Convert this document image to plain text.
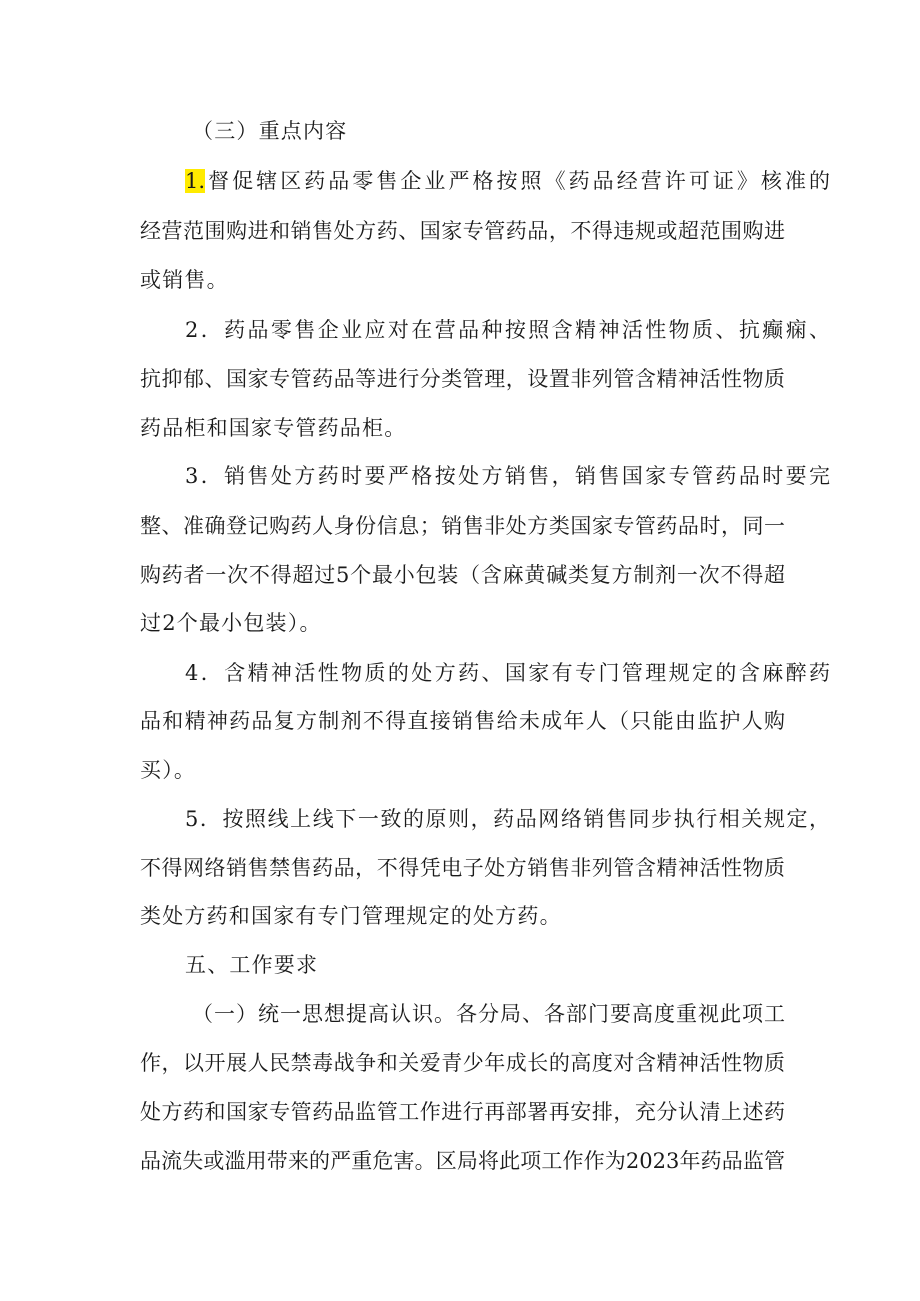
（三）重点内容
1.督促辖区药品零售企业严格按照《药品经营许可证》核准的
经营范围购进和销售处方药、国家专管药品，不得违规或超范围购进
或销售。
2．药品零售企业应对在营品种按照含精神活性物质、抗癫痫、
抗抑郁、国家专管药品等进行分类管理，设置非列管含精神活性物质
药品柜和国家专管药品柜。
3．销售处方药时要严格按处方销售，销售国家专管药品时要完
整、准确登记购药人身份信息；销售非处方类国家专管药品时，同一
购药者一次不得超过5个最小包装（含麻黄碱类复方制剂一次不得超
过2个最小包装）。
4．含精神活性物质的处方药、国家有专门管理规定的含麻醉药
品和精神药品复方制剂不得直接销售给未成年人（只能由监护人购
买）。
5．按照线上线下一致的原则，药品网络销售同步执行相关规定，
不得网络销售禁售药品，不得凭电子处方销售非列管含精神活性物质
类处方药和国家有专门管理规定的处方药。
五、工作要求
（一）统一思想提高认识。各分局、各部门要高度重视此项工
作，以开展人民禁毒战争和关爱青少年成长的高度对含精神活性物质
处方药和国家专管药品监管工作进行再部署再安排，充分认清上述药
品流失或滥用带来的严重危害。区局将此项工作作为2023年药品监管
